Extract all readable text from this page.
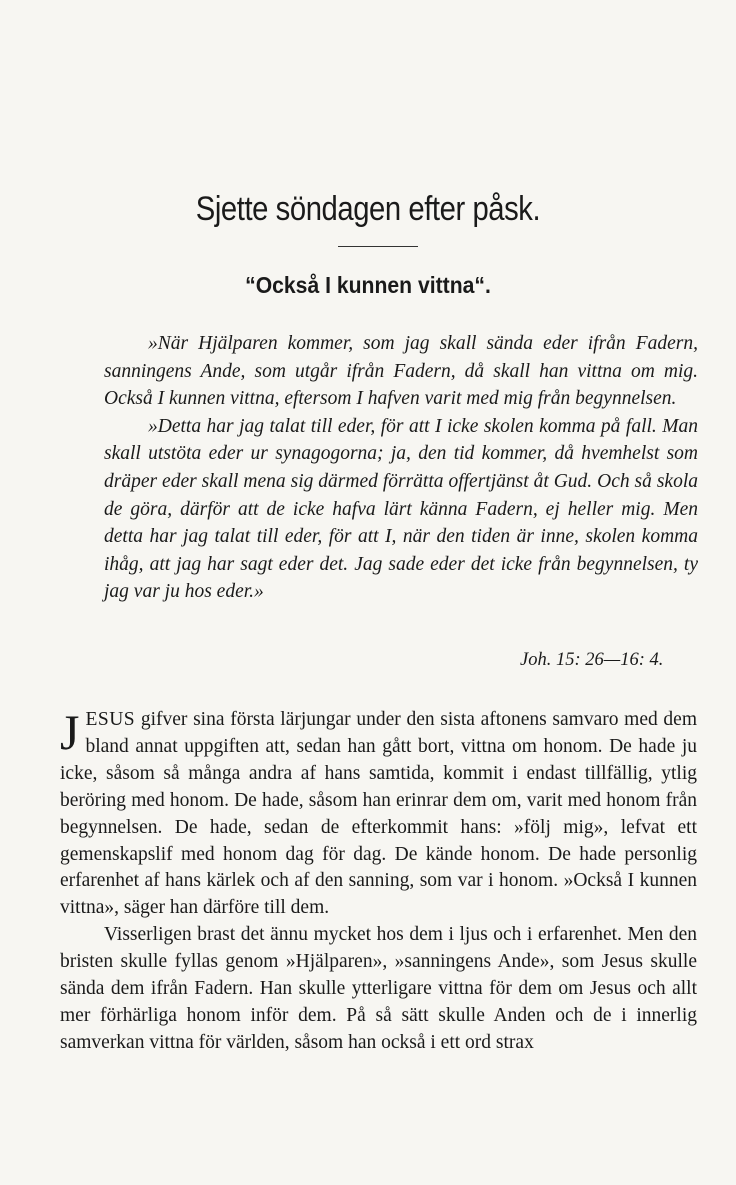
Sjette söndagen efter påsk.
“Också I kunnen vittna“.

»När Hjälparen kommer, som jag skall sända eder ifrån Fadern, sanningens Ande, som utgår ifrån Fadern, då skall han vittna om mig. Också I kunnen vittna, eftersom I hafven varit med mig från begynnelsen.

»Detta har jag talat till eder, för att I icke skolen komma på fall. Man skall utstöta eder ur synagogorna; ja, den tid kommer, då hvemhelst som dräper eder skall mena sig därmed förrätta offertjänst åt Gud. Och så skola de göra, därför att de icke hafva lärt känna Fadern, ej heller mig. Men detta har jag talat till eder, för att I, när den tiden är inne, skolen komma ihåg, att jag har sagt eder det. Jag sade eder det icke från begynnelsen, ty jag var ju hos eder.»

Joh. 15: 26—16: 4.

JESUS gifver sina första lärjungar under den sista aftonens samvaro med dem bland annat uppgiften att, sedan han gått bort, vittna om honom. De hade ju icke, såsom så många andra af hans samtida, kommit i endast tillfällig, ytlig beröring med honom. De hade, såsom han erinrar dem om, varit med honom från begynnelsen. De hade, sedan de efterkommit hans: »följ mig», lefvat ett gemenskapslif med honom dag för dag. De kände honom. De hade personlig erfarenhet af hans kärlek och af den sanning, som var i honom. »Också I kunnen vittna», säger han därföre till dem.

Visserligen brast det ännu mycket hos dem i ljus och i erfarenhet. Men den bristen skulle fyllas genom »Hjälparen», »sanningens Ande», som Jesus skulle sända dem ifrån Fadern. Han skulle ytterligare vittna för dem om Jesus och allt mer förhärliga honom inför dem. På så sätt skulle Anden och de i innerlig samverkan vittna för världen, såsom han också i ett ord strax
